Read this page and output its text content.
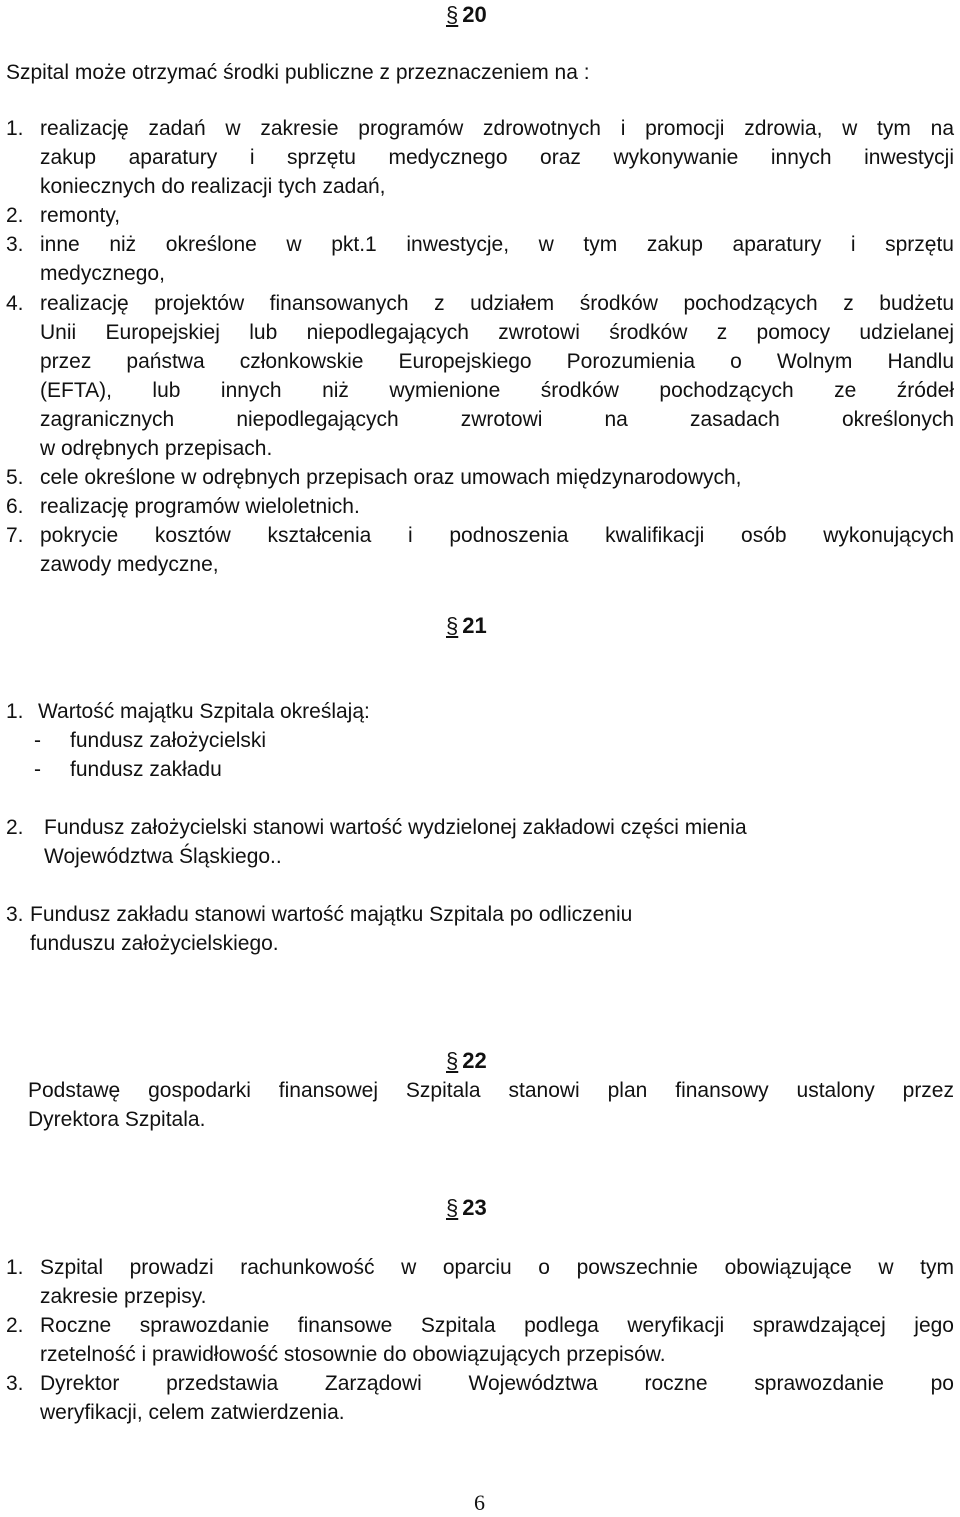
§ 20
Szpital może otrzymać środki publiczne z przeznaczeniem na :
1. realizację zadań w zakresie programów zdrowotnych i promocji zdrowia, w tym na
zakup aparatury i sprzętu medycznego oraz wykonywanie innych inwestycji
koniecznych do realizacji tych zadań,
2. remonty,
3. inne niż określone w pkt.1 inwestycje, w tym zakup aparatury i sprzętu
medycznego,
4. realizację projektów finansowanych z udziałem środków pochodzących z budżetu
Unii Europejskiej lub niepodlegających zwrotowi środków z pomocy udzielanej
przez państwa członkowskie Europejskiego Porozumienia o Wolnym Handlu
(EFTA), lub innych niż wymienione środków pochodzących ze źródeł
zagranicznych niepodlegających zwrotowi na zasadach określonych
w odrębnych przepisach.
5. cele określone w odrębnych przepisach oraz umowach międzynarodowych,
6. realizację programów wieloletnich.
7. pokrycie kosztów kształcenia i podnoszenia kwalifikacji osób wykonujących
zawody medyczne,
§ 21
1. Wartość majątku Szpitala określają:
- fundusz założycielski
- fundusz zakładu
2. Fundusz założycielski stanowi wartość wydzielonej zakładowi części mienia
Województwa Śląskiego..
3. Fundusz zakładu stanowi wartość majątku Szpitala po odliczeniu
funduszu założycielskiego.
§ 22
Podstawę gospodarki finansowej Szpitala stanowi plan finansowy ustalony przez
Dyrektora Szpitala.
§ 23
1. Szpital prowadzi rachunkowość w oparciu o powszechnie obowiązujące w tym
zakresie przepisy.
2. Roczne sprawozdanie finansowe Szpitala podlega weryfikacji sprawdzającej jego
rzetelność i prawidłowość stosownie do obowiązujących przepisów.
3. Dyrektor przedstawia Zarządowi Województwa roczne sprawozdanie po
weryfikacji, celem zatwierdzenia.
6
